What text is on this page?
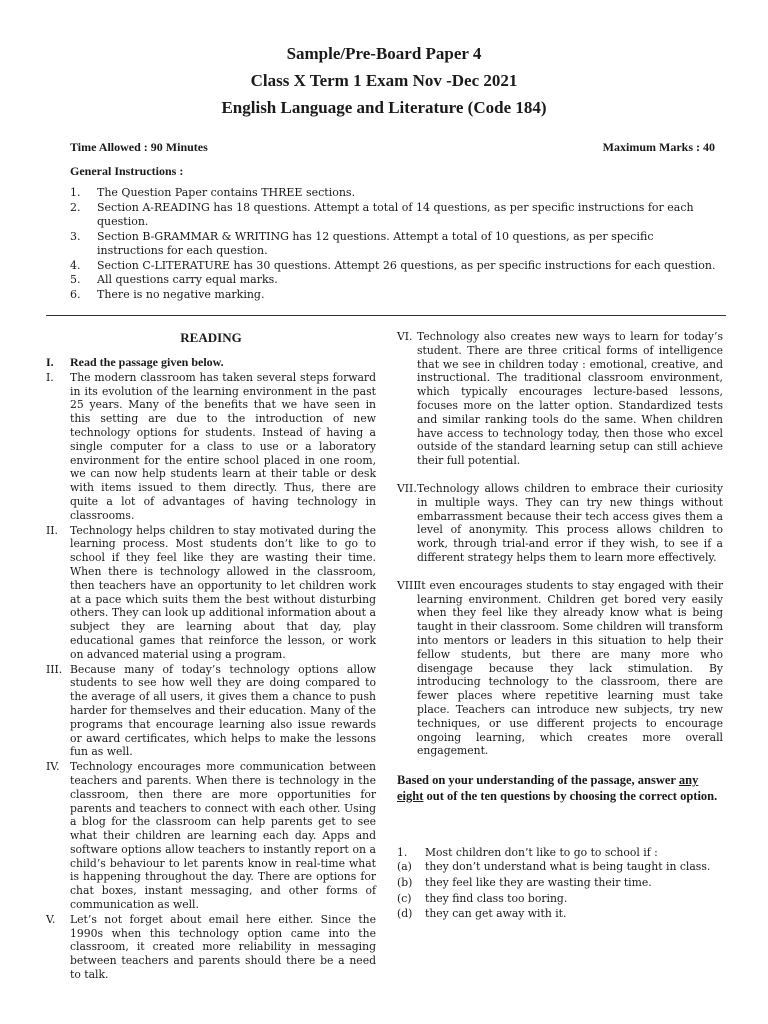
Sample/Pre-Board Paper 4
Class X Term 1 Exam Nov -Dec 2021
English Language and Literature (Code 184)
Time Allowed : 90 Minutes	Maximum Marks : 40
General Instructions :
1. The Question Paper contains THREE sections.
2. Section A-READING has 18 questions. Attempt a total of 14 questions, as per specific instructions for each question.
3. Section B-GRAMMAR & WRITING has 12 questions. Attempt a total of 10 questions, as per specific instructions for each question.
4. Section C-LITERATURE has 30 questions. Attempt 26 questions, as per specific instructions for each question.
5. All questions carry equal marks.
6. There is no negative marking.
READING
I. Read the passage given below.
I. The modern classroom has taken several steps forward in its evolution of the learning environment in the past 25 years. Many of the benefits that we have seen in this setting are due to the introduction of new technology options for students. Instead of having a single computer for a class to use or a laboratory environment for the entire school placed in one room, we can now help students learn at their table or desk with items issued to them directly. Thus, there are quite a lot of advantages of having technology in classrooms.
II. Technology helps children to stay motivated during the learning process. Most students don’t like to go to school if they feel like they are wasting their time. When there is technology allowed in the classroom, then teachers have an opportunity to let children work at a pace which suits them the best without disturbing others. They can look up additional information about a subject they are learning about that day, play educational games that reinforce the lesson, or work on advanced material using a program.
III. Because many of today’s technology options allow students to see how well they are doing compared to the average of all users, it gives them a chance to push harder for themselves and their education. Many of the programs that encourage learning also issue rewards or award certificates, which helps to make the lessons fun as well.
IV. Technology encourages more communication between teachers and parents. When there is technology in the classroom, then there are more opportunities for parents and teachers to connect with each other. Using a blog for the classroom can help parents get to see what their children are learning each day. Apps and software options allow teachers to instantly report on a child’s behaviour to let parents know in real-time what is happening throughout the day. There are options for chat boxes, instant messaging, and other forms of communication as well.
V. Let’s not forget about email here either. Since the 1990s when this technology option came into the classroom, it created more reliability in messaging between teachers and parents should there be a need to talk.
VI. Technology also creates new ways to learn for today’s student. There are three critical forms of intelligence that we see in children today : emotional, creative, and instructional. The traditional classroom environment, which typically encourages lecture-based lessons, focuses more on the latter option. Standardized tests and similar ranking tools do the same. When children have access to technology today, then those who excel outside of the standard learning setup can still achieve their full potential.
VII. Technology allows children to embrace their curiosity in multiple ways. They can try new things without embarrassment because their tech access gives them a level of anonymity. This process allows children to work, through trial-and error if they wish, to see if a different strategy helps them to learn more effectively.
VIII It even encourages students to stay engaged with their learning environment. Children get bored very easily when they feel like they already know what is being taught in their classroom. Some children will transform into mentors or leaders in this situation to help their fellow students, but there are many more who disengage because they lack stimulation. By introducing technology to the classroom, there are fewer places where repetitive learning must take place. Teachers can introduce new subjects, try new techniques, or use different projects to encourage ongoing learning, which creates more overall engagement.
Based on your understanding of the passage, answer any eight out of the ten questions by choosing the correct option.
1. Most children don’t like to go to school if :
(a) they don’t understand what is being taught in class.
(b) they feel like they are wasting their time.
(c) they find class too boring.
(d) they can get away with it.
